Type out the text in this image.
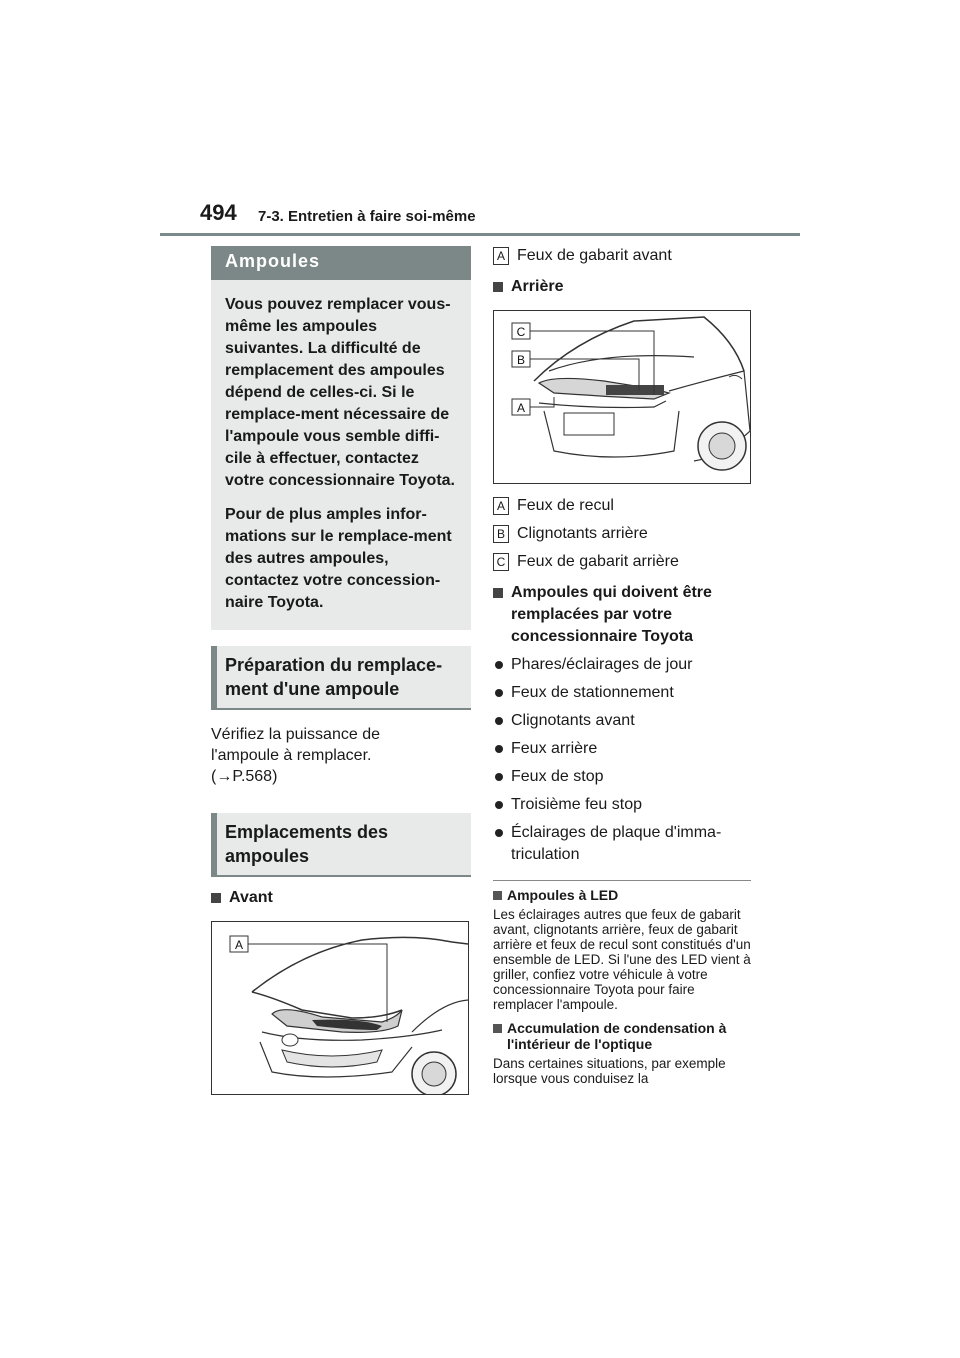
494 7-3. Entretien à faire soi-même
Ampoules

Vous pouvez remplacer vous-même les ampoules suivantes. La difficulté de remplacement des ampoules dépend de celles-ci. Si le remplace-ment nécessaire de l'ampoule vous semble diffi-cile à effectuer, contactez votre concessionnaire Toyota.

Pour de plus amples infor-mations sur le remplace-ment des autres ampoules, contactez votre concession-naire Toyota.

Préparation du remplace-ment d'une ampoule

Vérifiez la puissance de l'ampoule à remplacer. (→P.568)

Emplacements des ampoules
Avant
A
A Feux de gabarit avant
Arrière
C
B
A
A Feux de recul
B Clignotants arrière
C Feux de gabarit arrière
Ampoules qui doivent être remplacées par votre concessionnaire Toyota
Phares/éclairages de jour
Feux de stationnement
Clignotants avant
Feux arrière
Feux de stop
Troisième feu stop
Éclairages de plaque d'imma-triculation
Ampoules à LED

Les éclairages autres que feux de gabarit avant, clignotants arrière, feux de gabarit arrière et feux de recul sont constitués d'un ensemble de LED. Si l'une des LED vient à griller, confiez votre véhicule à votre concessionnaire Toyota pour faire remplacer l'ampoule.

Accumulation de condensation à l'intérieur de l'optique

Dans certaines situations, par exemple lorsque vous conduisez la
